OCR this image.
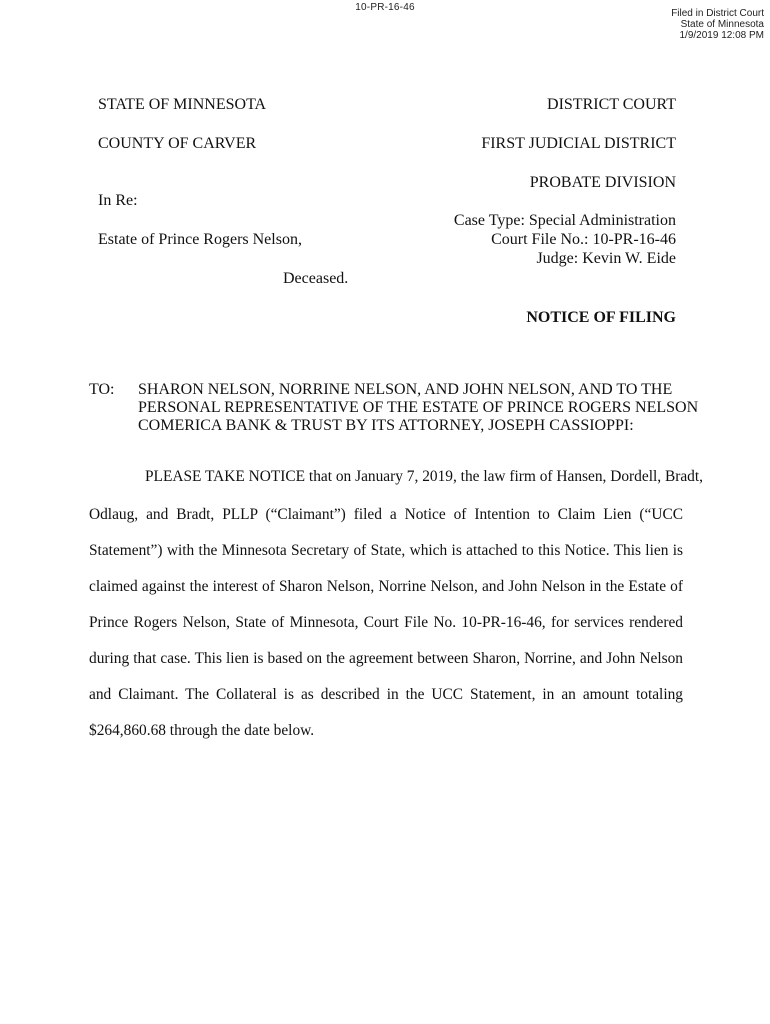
10-PR-16-46
Filed in District Court
State of Minnesota
1/9/2019 12:08 PM
STATE OF MINNESOTA
COUNTY OF CARVER
In Re:
Estate of Prince Rogers Nelson,
Deceased.
DISTRICT COURT
FIRST JUDICIAL DISTRICT
PROBATE DIVISION
Case Type: Special Administration
Court File No.: 10-PR-16-46
Judge: Kevin W. Eide
NOTICE OF FILING
TO: SHARON NELSON, NORRINE NELSON, AND JOHN NELSON, AND TO THE
PERSONAL REPRESENTATIVE OF THE ESTATE OF PRINCE ROGERS NELSON
COMERICA BANK & TRUST BY ITS ATTORNEY, JOSEPH CASSIOPPI:
PLEASE TAKE NOTICE that on January 7, 2019, the law firm of Hansen, Dordell, Bradt,
Odlaug, and Bradt, PLLP (“Claimant”) filed a Notice of Intention to Claim Lien (“UCC
Statement”) with the Minnesota Secretary of State, which is attached to this Notice. This lien is
claimed against the interest of Sharon Nelson, Norrine Nelson, and John Nelson in the Estate of
Prince Rogers Nelson, State of Minnesota, Court File No. 10-PR-16-46, for services rendered
during that case. This lien is based on the agreement between Sharon, Norrine, and John Nelson
and Claimant. The Collateral is as described in the UCC Statement, in an amount totaling
$264,860.68 through the date below.
